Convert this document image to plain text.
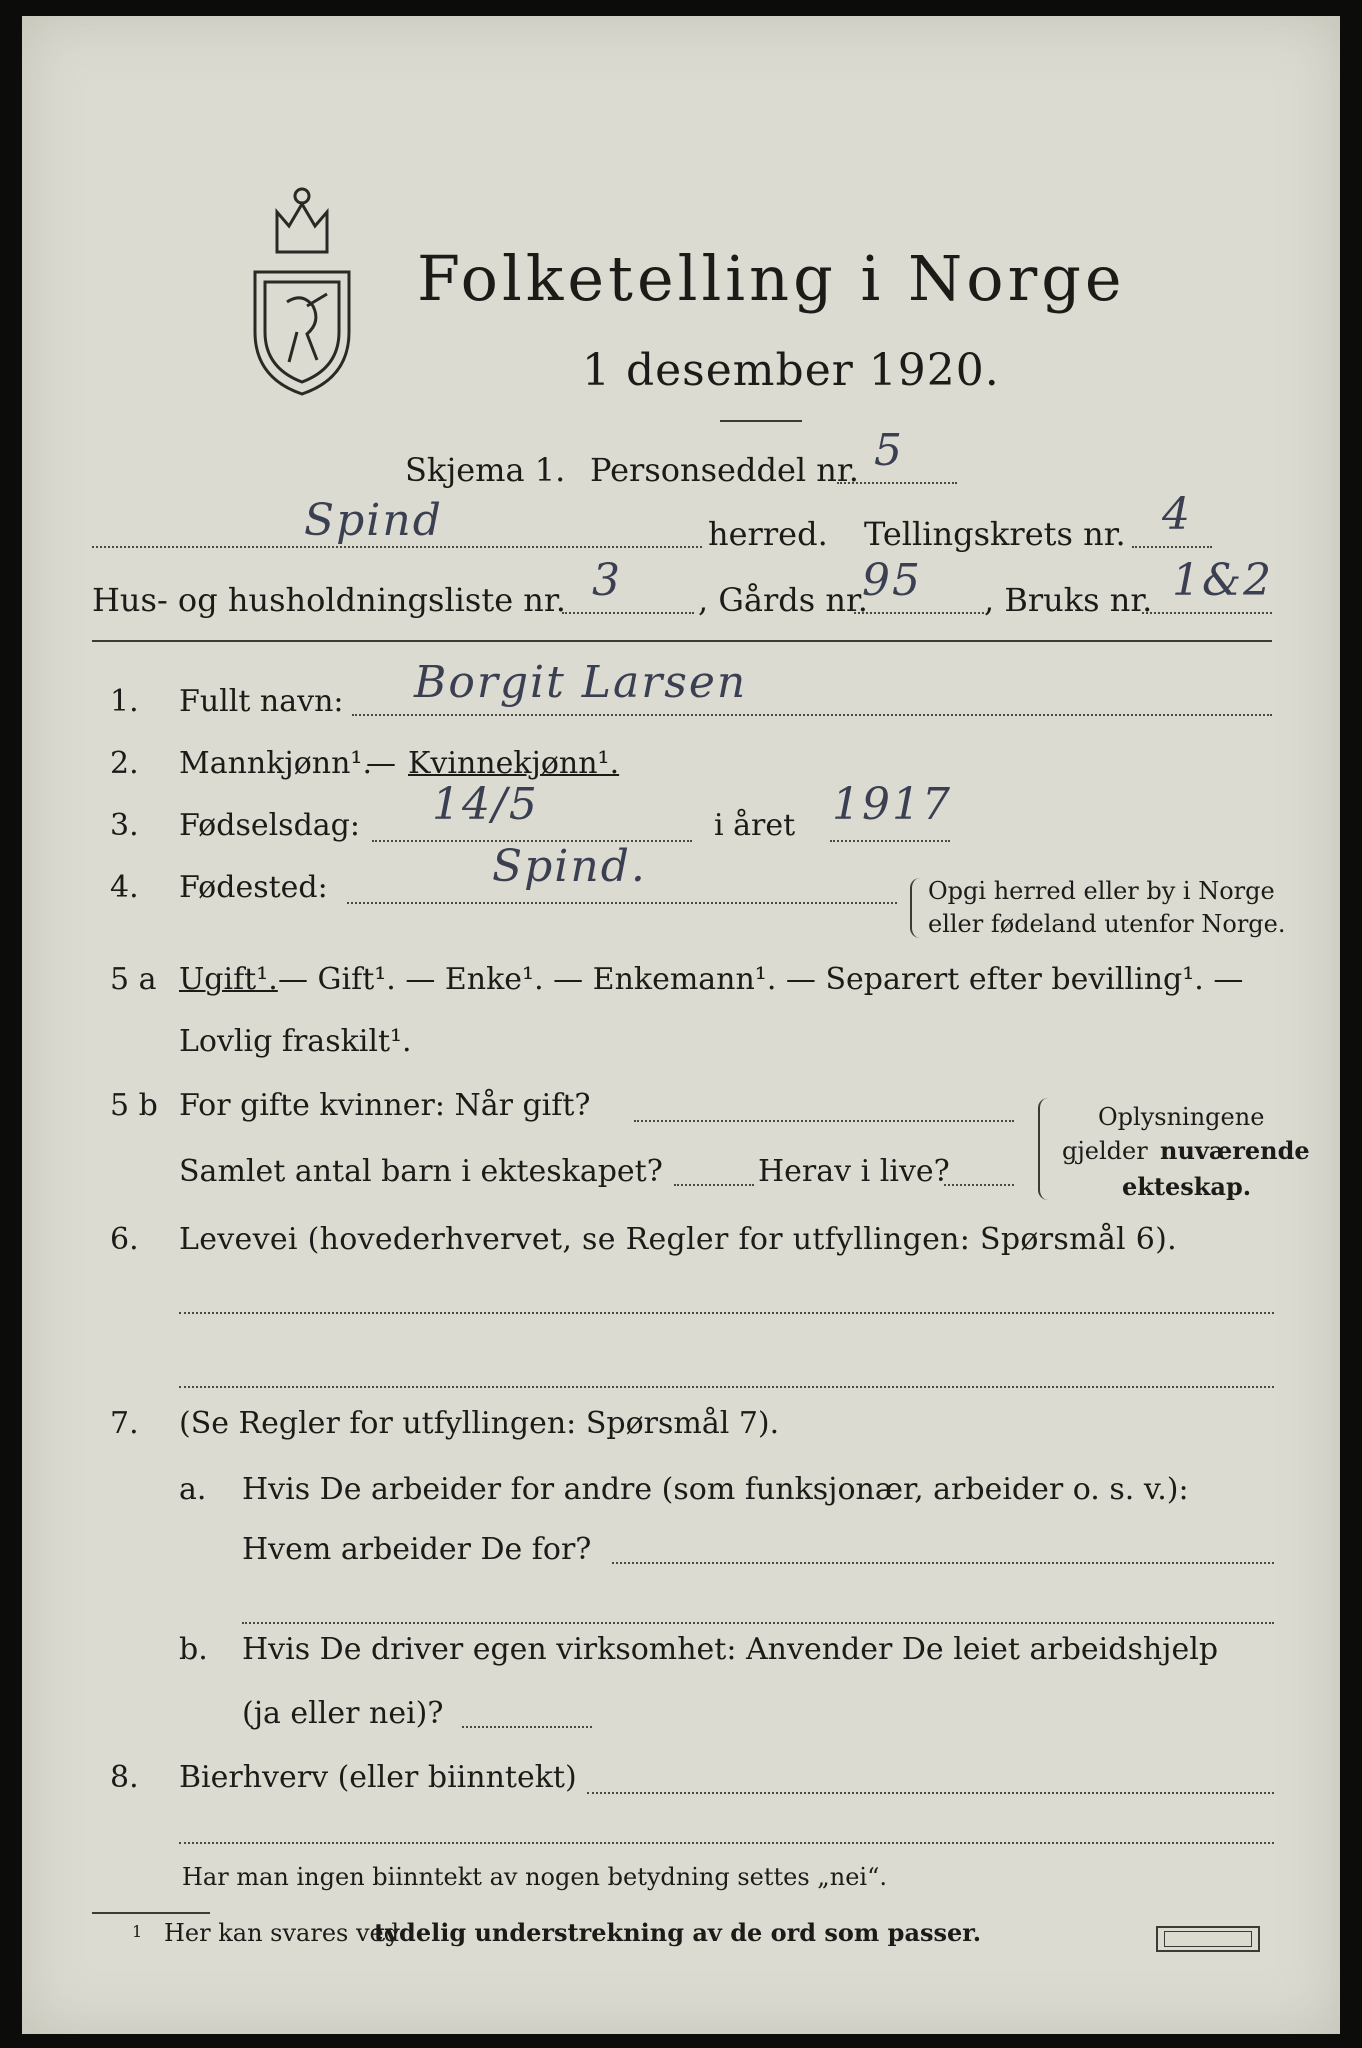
Folketelling i Norge
1 desember 1920.
Skjema 1. Personseddel nr. 5
Spind	herred. Tellingskrets nr. 4
Hus- og husholdningsliste nr. 3 , Gårds nr.
95 , Bruks nr. 1&2
1. Fullt navn: Borgit Larsen
2. Mannkjønn¹.
— Kvinnekjønn¹.
3. Fødselsdag: 14/5	i året 1917
4. Fødested:	Spind.	Opgi herred eller by i Norge
eller fødeland utenfor Norge.
5 a Ugift¹. — Gift¹. — Enke¹. — Enkemann¹. — Separert efter bevilling¹. —
Lovlig fraskilt¹.
5 b For gifte kvinner: Når gift?
Samlet antal barn i ekteskapet?	Herav i live?
Oplysningene
gjelder nuværende
ekteskap.
6. Levevei (hovederhvervet, se Regler for utfyllingen: Spørsmål 6).
7. (Se Regler for utfyllingen: Spørsmål 7).
a. Hvis De arbeider for andre (som funksjonær, arbeider o. s. v.):
Hvem arbeider De for?
b. Hvis De driver egen virksomhet: Anvender De leiet arbeidshjelp
(ja eller nei)?
8. Bierhverv (eller biinntekt)
Har man ingen biinntekt av nogen betydning settes „nei“.
1 Her kan svares ved
tydelig understrekning av de ord som passer.
